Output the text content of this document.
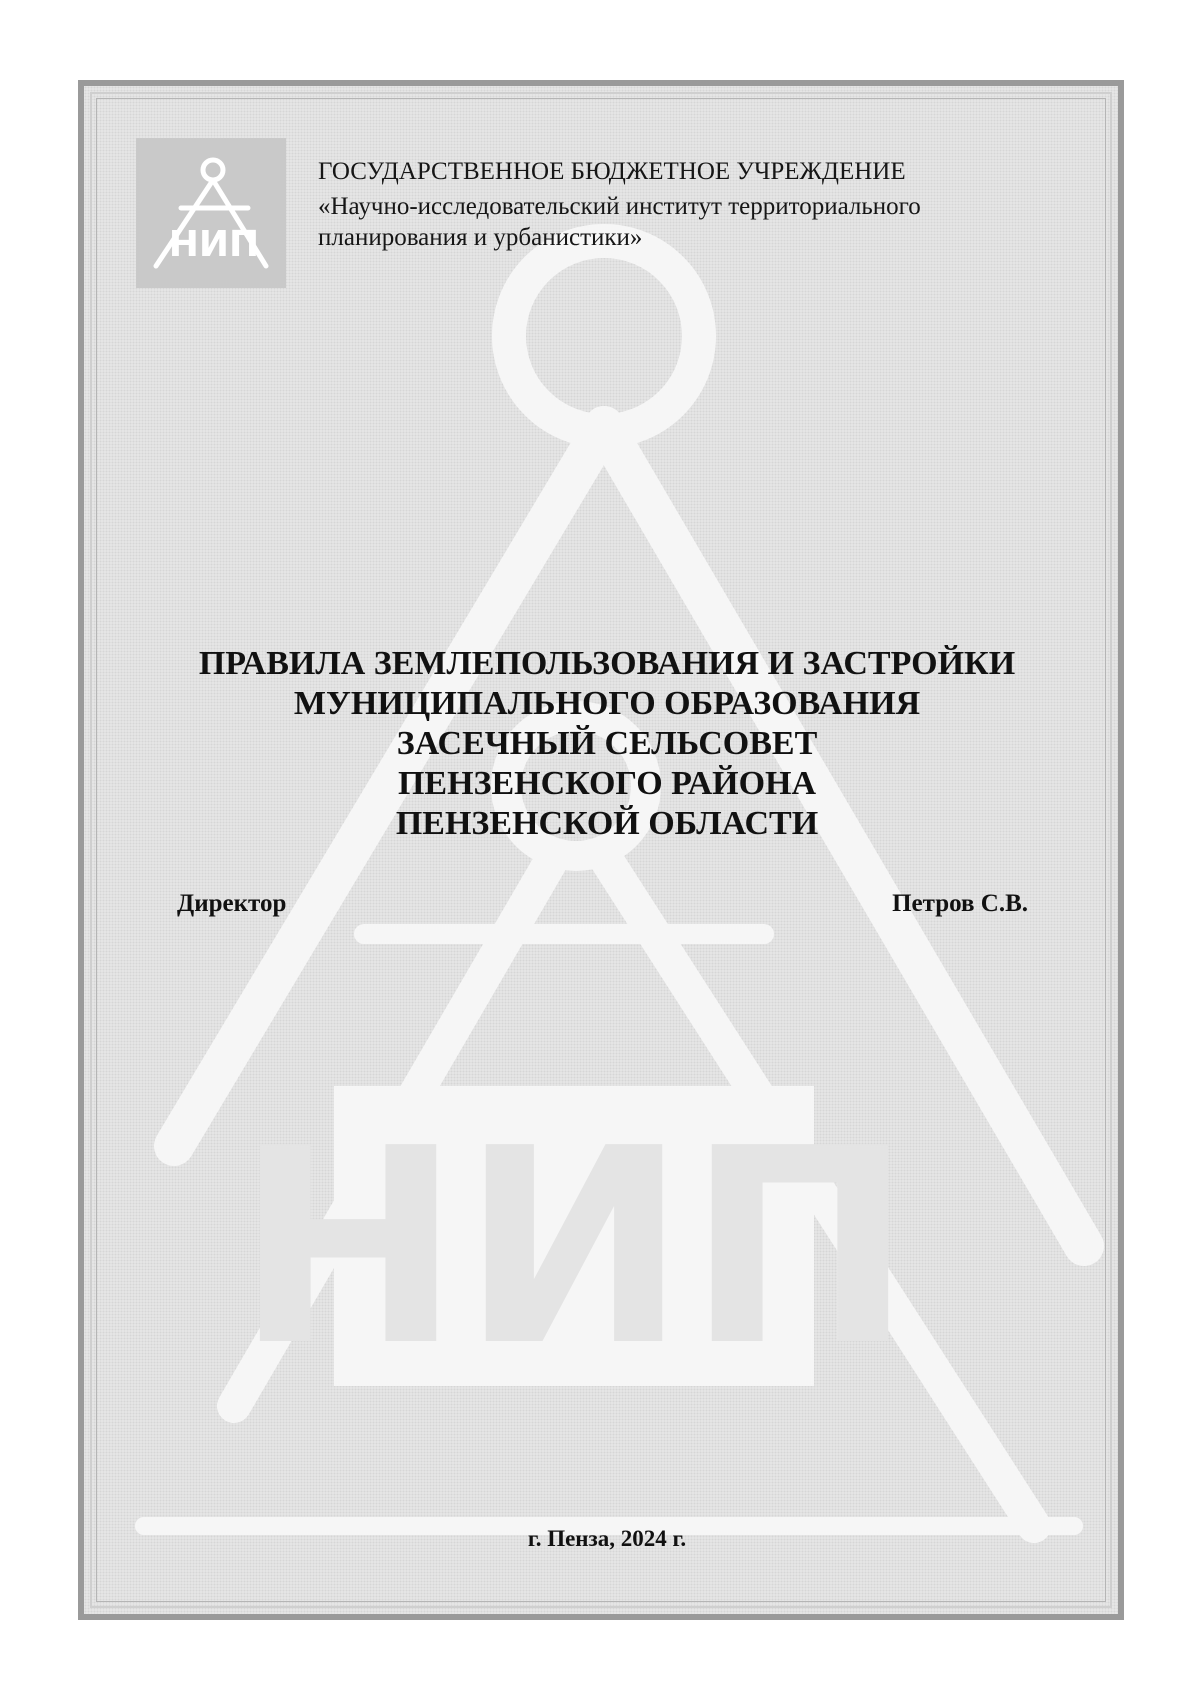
НИП
НИП
ГОСУДАРСТВЕННОЕ БЮДЖЕТНОЕ УЧРЕЖДЕНИЕ
«Научно-исследовательский институт территориального
планирования и урбанистики»
ПРАВИЛА ЗЕМЛЕПОЛЬЗОВАНИЯ И ЗАСТРОЙКИ
МУНИЦИПАЛЬНОГО ОБРАЗОВАНИЯ
ЗАСЕЧНЫЙ СЕЛЬСОВЕТ
ПЕНЗЕНСКОГО РАЙОНА
ПЕНЗЕНСКОЙ ОБЛАСТИ
Директор	Петров С.В.
г. Пенза, 2024 г.
